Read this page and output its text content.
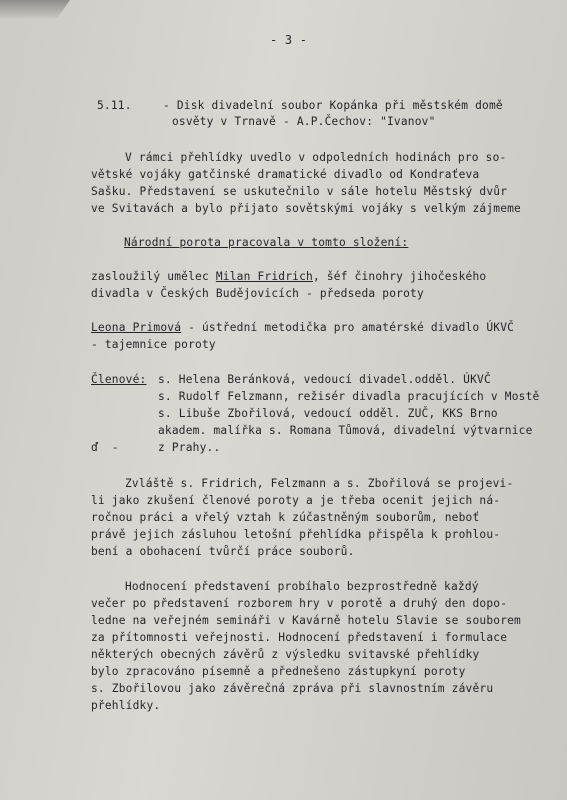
- 3 -
5.11.	- Disk divadelní soubor Kopánka při městském domě
osvěty v Trnavě - A.P.Čechov: "Ivanov"
V rámci přehlídky uvedlo v odpoledních hodinách pro so-
větské vojáky gatčinské dramatické divadlo od Kondraťeva
Sašku. Představení se uskutečnilo v sále hotelu Městský dvůr
ve Svitavách a bylo přijato sovětskými vojáky s velkým zájmeme
Národní porota pracovala v tomto složení:
zasloužilý umělec Milan Fridrich, šéf činohry jihočeského
divadla v Českých Budějovicích - předseda poroty
Leona Primová - ústřední metodička pro amatérské divadlo ÚKVČ
- tajemnice poroty
Členové: s. Helena Beránková, vedoucí divadel.odděl. ÚKVČ
s. Rudolf Felzmann, režisér divadla pracujících v Mostě
s. Libuše Zbořilová, vedoucí odděl. ZUČ, KKS Brno
akadem. malířka s. Romana Tůmová, divadelní výtvarnice
ď  -	z Prahy..
Zvláště s. Fridrich, Felzmann a s. Zbořilová se projevi-
li jako zkušení členové poroty a je třeba ocenit jejich ná-
ročnou práci a vřelý vztah k zúčastněným souborům, neboť
právě jejich zásluhou letošní přehlídka přispěla k prohlou-
bení a obohacení tvůrčí práce souborů.
Hodnocení představení probíhalo bezprostředně každý
večer po představení rozborem hry v porotě a druhý den dopo-
ledne na veřejném semináři v Kavárně hotelu Slavie se souborem
za přítomnosti veřejnosti. Hodnocení představení i formulace
některých obecných závěrů z výsledku svitavské přehlídky
bylo zpracováno písemně a přednešeno zástupkyní poroty
s. Zbořilovou jako závěrečná zpráva při slavnostním závěru
přehlídky.
